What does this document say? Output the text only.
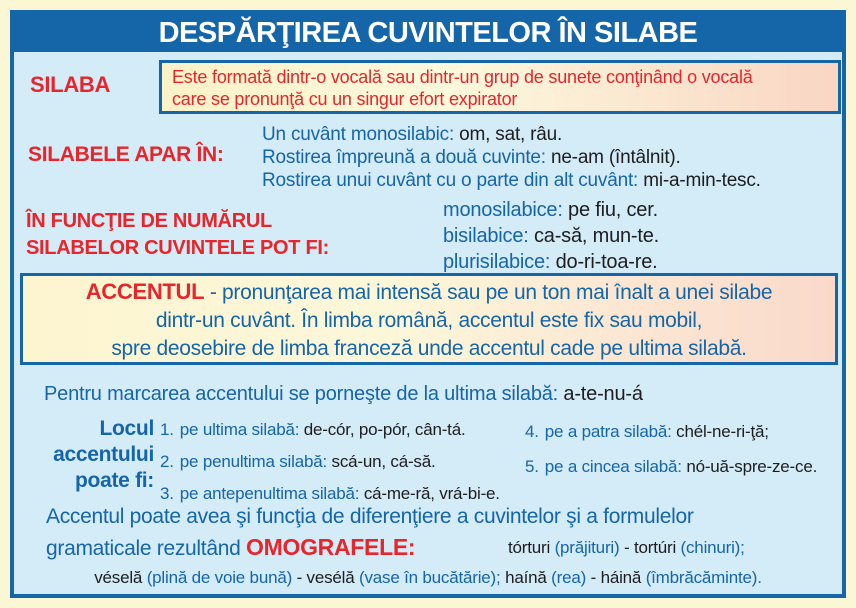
DESPĂRŢIREA CUVINTELOR ÎN SILABE
SILABA	Este formată dintr-o vocală sau dintr-un grup de sunete conţinând o vocală
care se pronunţă cu un singur efort expirator
SILABELE APAR ÎN:
Un cuvânt monosilabic: om, sat, râu.
Rostirea împreună a două cuvinte: ne-am (întâlnit).
Rostirea unui cuvânt cu o parte din alt cuvânt: mi-a-min-tesc.
ÎN FUNCŢIE DE NUMĂRUL
SILABELOR CUVINTELE POT FI:
monosilabice: pe fiu, cer.
bisilabice: ca-să, mun-te.
plurisilabice: do-ri-toa-re.
ACCENTUL - pronunţarea mai intensă sau pe un ton mai înalt a unei silabe
dintr-un cuvânt. În limba română, accentul este fix sau mobil,
spre deosebire de limba franceză unde accentul cade pe ultima silabă.
Pentru marcarea accentului se porneşte de la ultima silabă: a-te-nu-á
Locul
accentului
poate fi:
1. pe ultima silabă: de-cór, po-pór, cân-tá.
2. pe penultima silabă: scá-un, cá-să.
3. pe antepenultima silabă: cá-me-ră, vrá-bi-e.
4. pe a patra silabă: chél-ne-ri-ţă;
5. pe a cincea silabă: nó-uă-spre-ze-ce.
Accentul poate avea şi funcţia de diferenţiere a cuvintelor şi a formulelor
gramaticale rezultând OMOGRAFELE:	tórturi (prăjituri) - tortúri (chinuri);
véselă (plină de voie bună) - vesélă (vase în bucătărie); haínă (rea) - háină (îmbrăcăminte).
